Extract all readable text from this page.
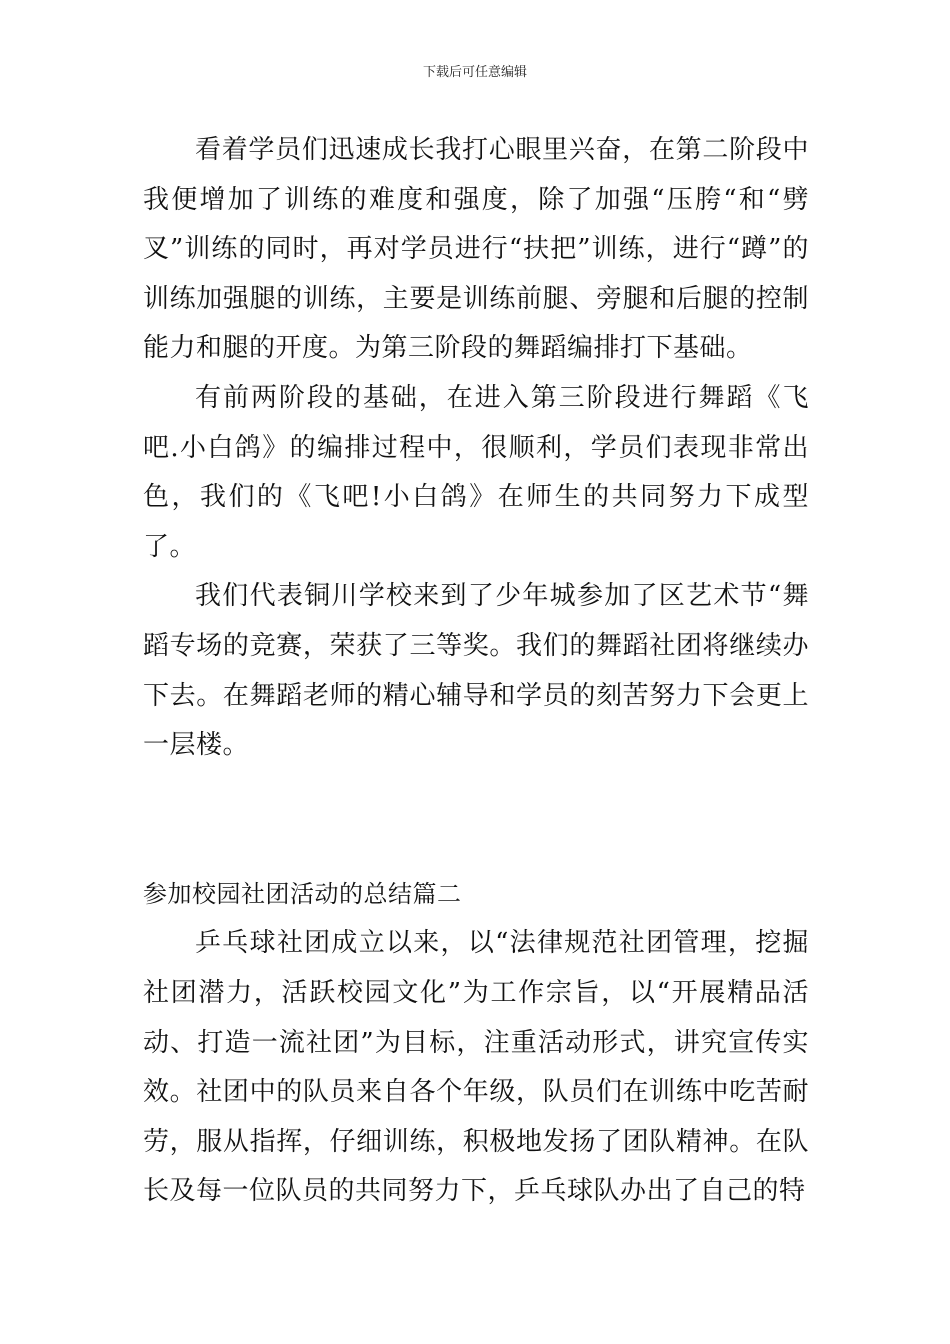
下载后可任意编辑

看着学员们迅速成长我打心眼里兴奋，在第二阶段中我便增加了训练的难度和强度，除了加强“压胯“和“劈叉”训练的同时，再对学员进行“扶把”训练，进行“蹲”的训练加强腿的训练，主要是训练前腿、旁腿和后腿的控制能力和腿的开度。为第三阶段的舞蹈编排打下基础。

有前两阶段的基础，在进入第三阶段进行舞蹈《飞吧.小白鸽》的编排过程中，很顺利，学员们表现非常出色，我们的《飞吧!小白鸽》在师生的共同努力下成型了。

我们代表铜川学校来到了少年城参加了区艺术节“舞蹈专场的竞赛，荣获了三等奖。我们的舞蹈社团将继续办下去。在舞蹈老师的精心辅导和学员的刻苦努力下会更上一层楼。

参加校园社团活动的总结篇二

乒乓球社团成立以来，以“法律规范社团管理，挖掘社团潜力，活跃校园文化”为工作宗旨，以“开展精品活动、打造一流社团”为目标，注重活动形式，讲究宣传实效。社团中的队员来自各个年级，队员们在训练中吃苦耐劳，服从指挥，仔细训练，积极地发扬了团队精神。在队长及每一位队员的共同努力下，乒乓球队办出了自己的特
